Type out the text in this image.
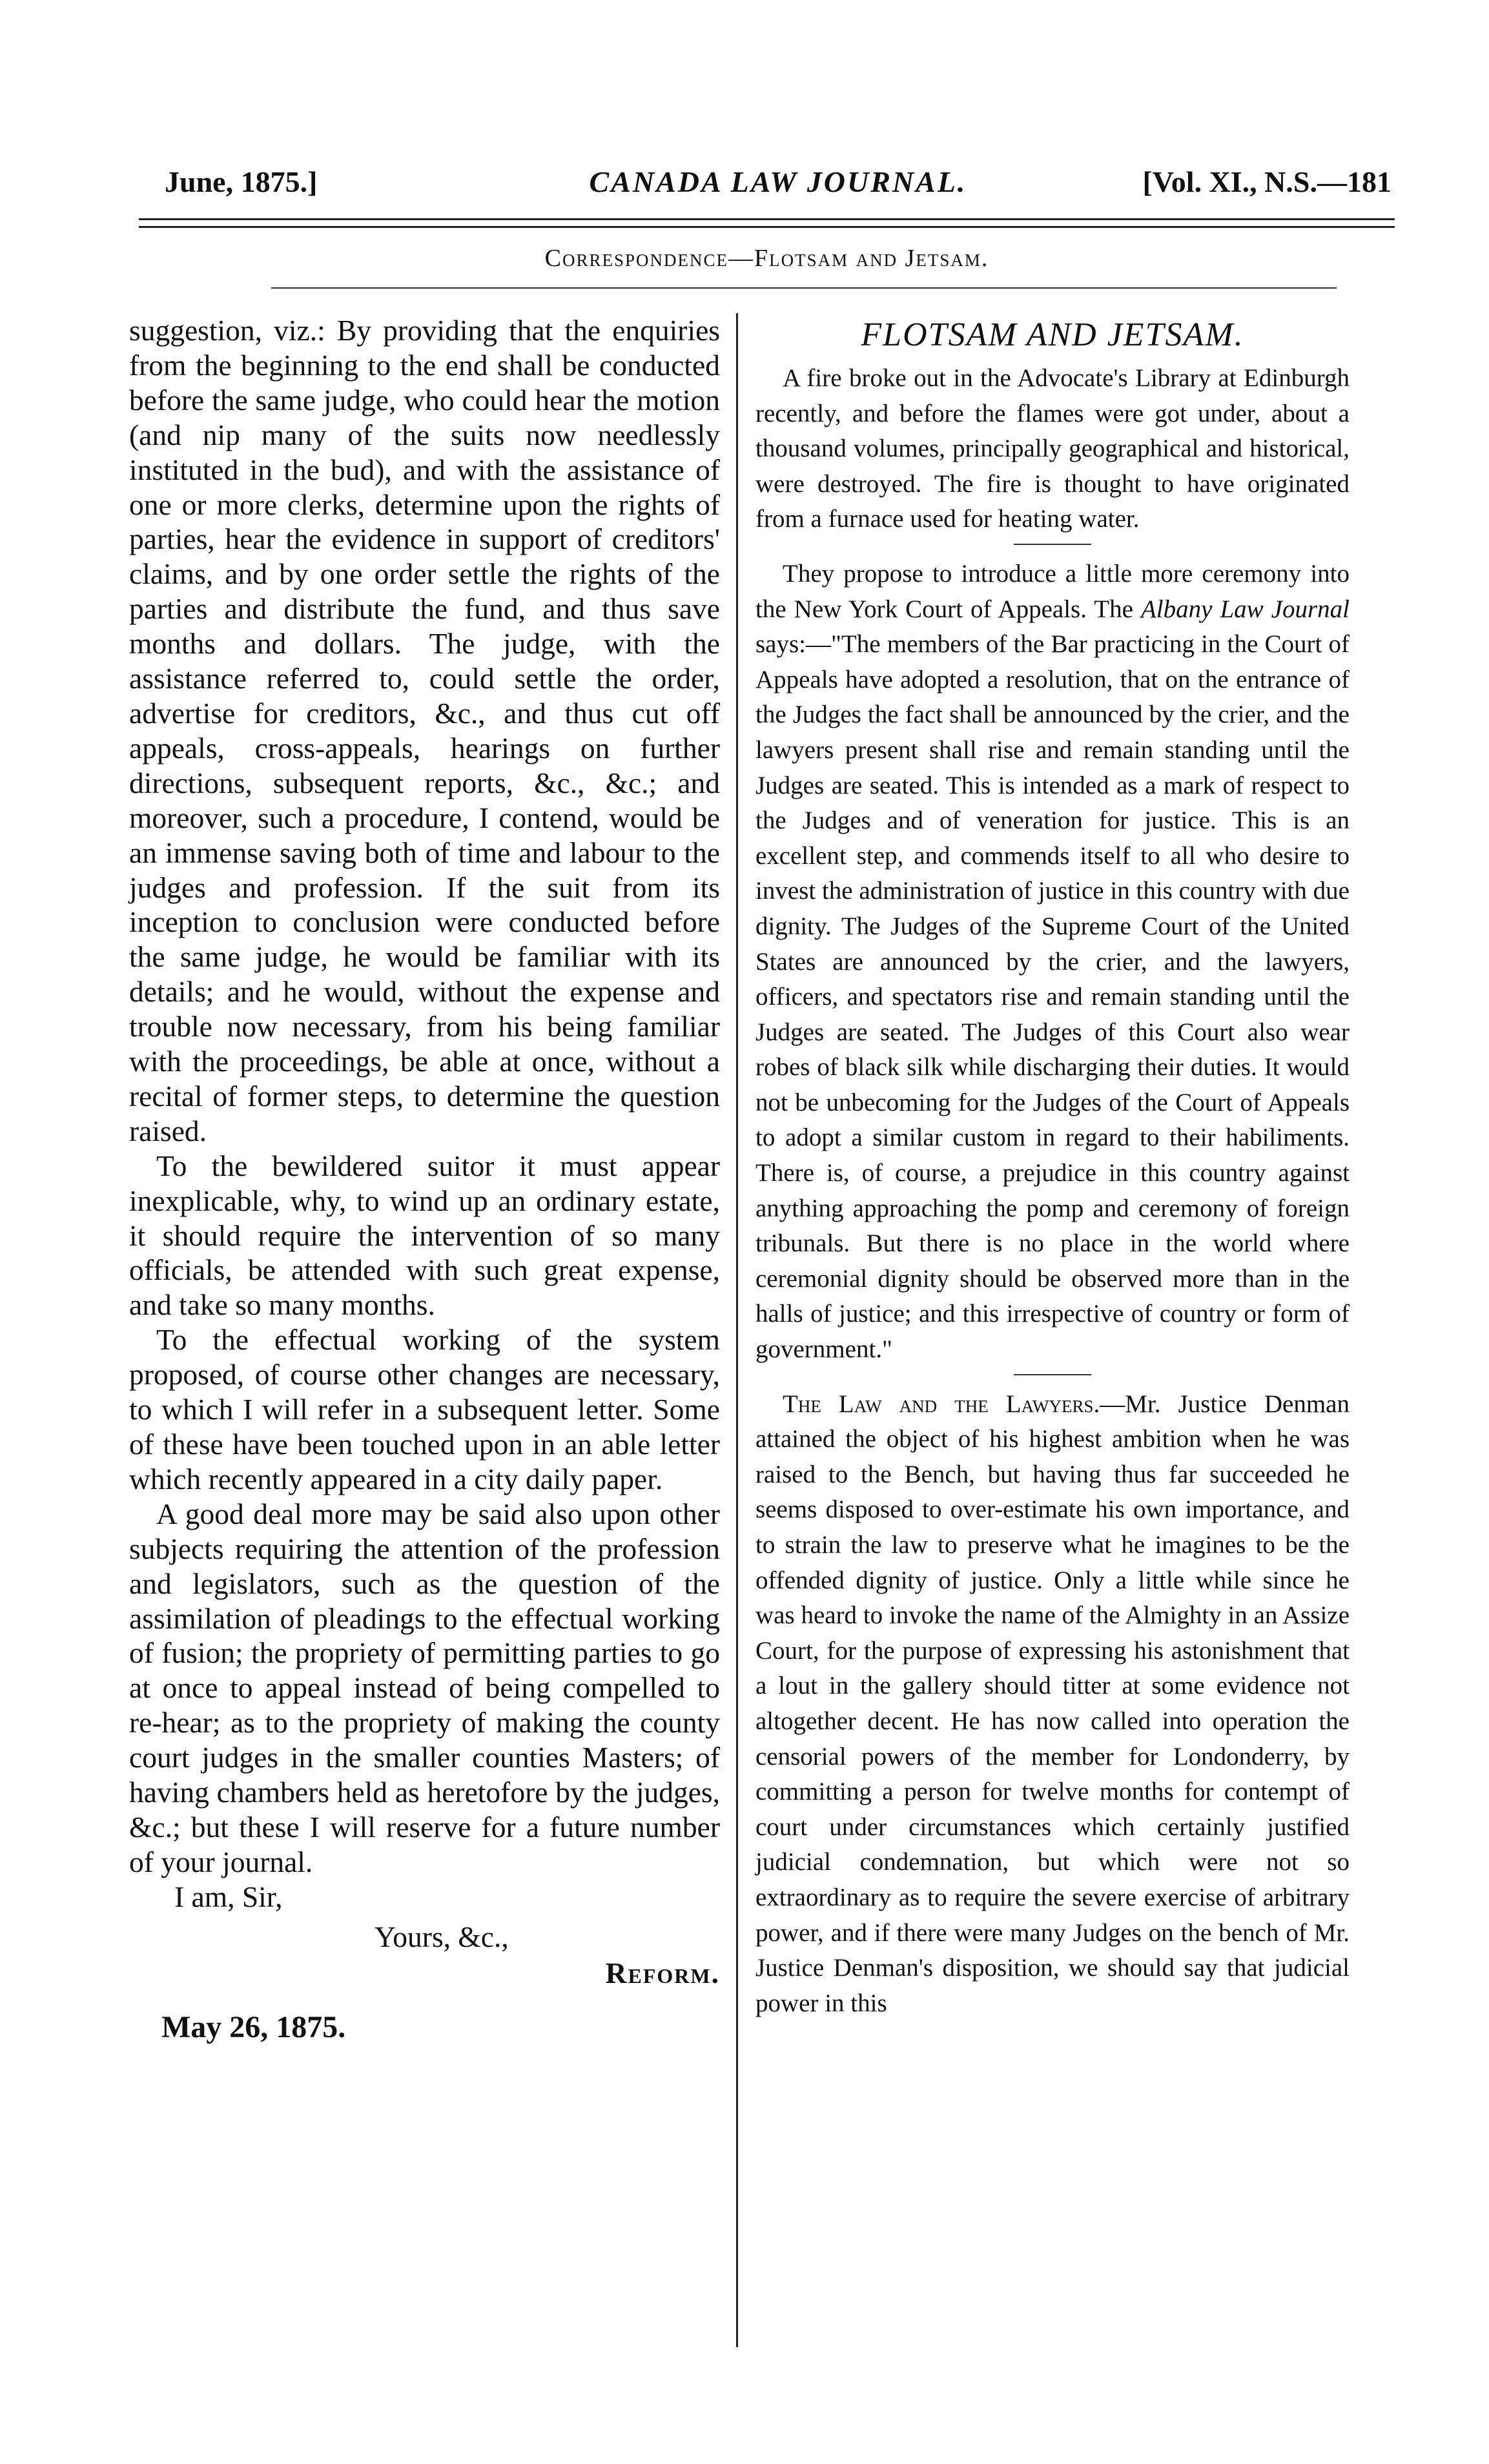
June, 1875.]	CANADA LAW JOURNAL.	[Vol. XI., N.S.—181
Correspondence—Flotsam and Jetsam.

suggestion, viz.: By providing that the enquiries from the beginning to the end shall be conducted before the same judge, who could hear the motion (and nip many of the suits now needlessly instituted in the bud), and with the assistance of one or more clerks, determine upon the rights of parties, hear the evidence in support of creditors' claims, and by one order settle the rights of the parties and distribute the fund, and thus save months and dollars. The judge, with the assistance referred to, could settle the order, advertise for creditors, &c., and thus cut off appeals, cross-appeals, hearings on further directions, subsequent reports, &c., &c.; and moreover, such a procedure, I contend, would be an immense saving both of time and labour to the judges and profession. If the suit from its inception to conclusion were conducted before the same judge, he would be familiar with its details; and he would, without the expense and trouble now necessary, from his being familiar with the proceedings, be able at once, without a recital of former steps, to determine the question raised.

To the bewildered suitor it must appear inexplicable, why, to wind up an ordinary estate, it should require the intervention of so many officials, be attended with such great expense, and take so many months.

To the effectual working of the system proposed, of course other changes are necessary, to which I will refer in a subsequent letter. Some of these have been touched upon in an able letter which recently appeared in a city daily paper.

A good deal more may be said also upon other subjects requiring the attention of the profession and legislators, such as the question of the assimilation of pleadings to the effectual working of fusion; the propriety of permitting parties to go at once to appeal instead of being compelled to re-hear; as to the propriety of making the county court judges in the smaller counties Masters; of having chambers held as heretofore by the judges, &c.; but these I will reserve for a future number of your journal.

I am, Sir,

Yours, &c.,
Reform.
May 26, 1875.
FLOTSAM AND JETSAM.

A fire broke out in the Advocate's Library at Edinburgh recently, and before the flames were got under, about a thousand volumes, principally geographical and historical, were destroyed. The fire is thought to have originated from a furnace used for heating water.

They propose to introduce a little more ceremony into the New York Court of Appeals. The Albany Law Journal says:—"The members of the Bar practicing in the Court of Appeals have adopted a resolution, that on the entrance of the Judges the fact shall be announced by the crier, and the lawyers present shall rise and remain standing until the Judges are seated. This is intended as a mark of respect to the Judges and of veneration for justice. This is an excellent step, and commends itself to all who desire to invest the administration of justice in this country with due dignity. The Judges of the Supreme Court of the United States are announced by the crier, and the lawyers, officers, and spectators rise and remain standing until the Judges are seated. The Judges of this Court also wear robes of black silk while discharging their duties. It would not be unbecoming for the Judges of the Court of Appeals to adopt a similar custom in regard to their habiliments. There is, of course, a prejudice in this country against anything approaching the pomp and ceremony of foreign tribunals. But there is no place in the world where ceremonial dignity should be observed more than in the halls of justice; and this irrespective of country or form of government."

The Law and the Lawyers.—Mr. Justice Denman attained the object of his highest ambition when he was raised to the Bench, but having thus far succeeded he seems disposed to over-estimate his own importance, and to strain the law to preserve what he imagines to be the offended dignity of justice. Only a little while since he was heard to invoke the name of the Almighty in an Assize Court, for the purpose of expressing his astonishment that a lout in the gallery should titter at some evidence not altogether decent. He has now called into operation the censorial powers of the member for Londonderry, by committing a person for twelve months for contempt of court under circumstances which certainly justified judicial condemnation, but which were not so extraordinary as to require the severe exercise of arbitrary power, and if there were many Judges on the bench of Mr. Justice Denman's disposition, we should say that judicial power in this
